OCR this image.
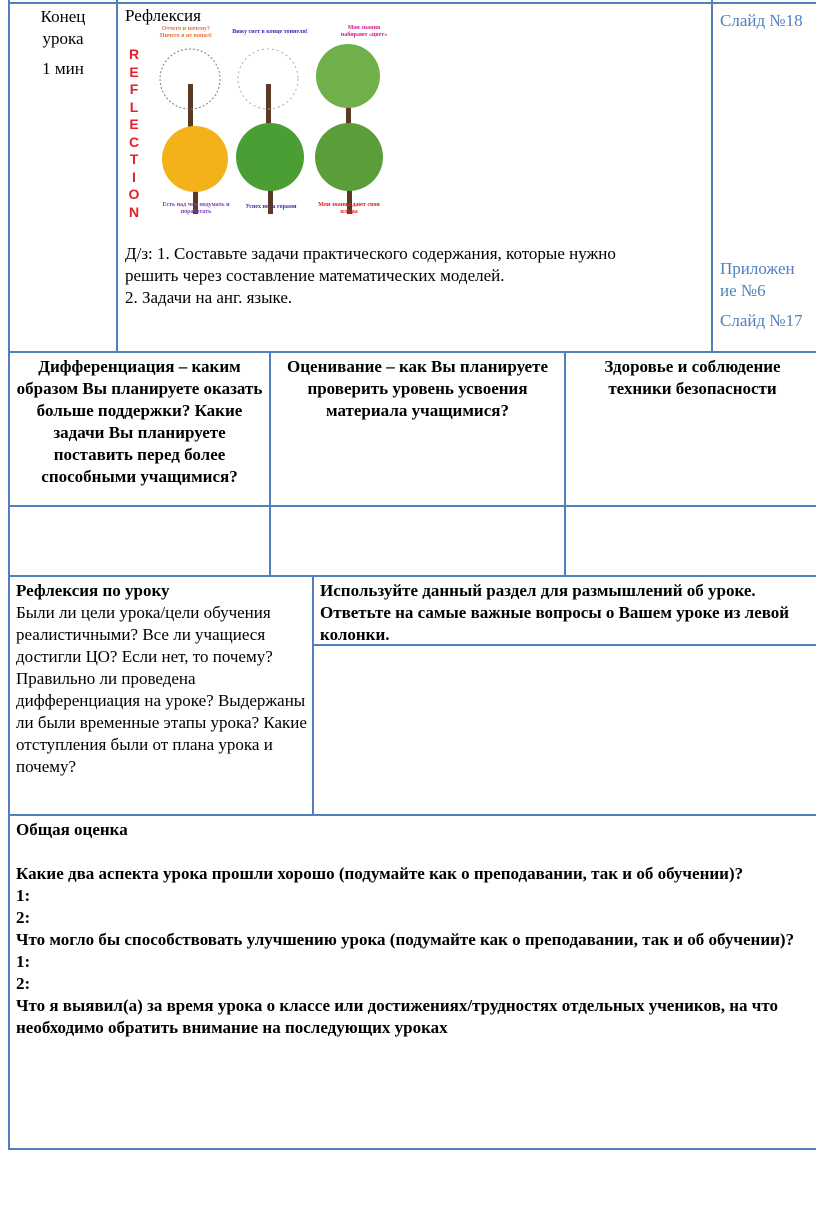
Конец
урока
1 мин
Рефлексия
REFLECTION
Отчего и почему? Ничего я не понял!
Вижу свет в конце тоннеля!
Мои знания набирают «цвет»
Есть над чем подумать и поработать
Успех не за горами	Мои знания дают свои плоды
Д/з: 1. Составьте задачи практического содержания, которые нужно
решить через составление математических моделей.
2. Задачи на анг. языке.
Слайд №18
Приложен
ие №6
Слайд №17
Дифференциация – каким образом Вы планируете оказать больше поддержки? Какие задачи Вы планируете поставить перед более способными учащимися?
Оценивание – как Вы планируете проверить уровень усвоения материала учащимися?
Здоровье и соблюдение техники безопасности
Рефлексия по уроку
Были ли цели урока/цели обучения реалистичными? Все ли учащиеся достигли ЦО? Если нет, то почему? Правильно ли проведена дифференциация на уроке? Выдержаны ли были временные этапы урока? Какие отступления были от плана урока и почему?
Используйте данный раздел для размышлений об уроке. Ответьте на самые важные вопросы о Вашем уроке из левой колонки.
Общая оценка
Какие два аспекта урока прошли хорошо (подумайте как о преподавании, так и об обучении)?
1:
2:
Что могло бы способствовать улучшению урока (подумайте как о преподавании, так и об обучении)?
1:
2:
Что я выявил(а) за время урока о классе или достижениях/трудностях отдельных учеников, на что необходимо обратить внимание на последующих уроках
